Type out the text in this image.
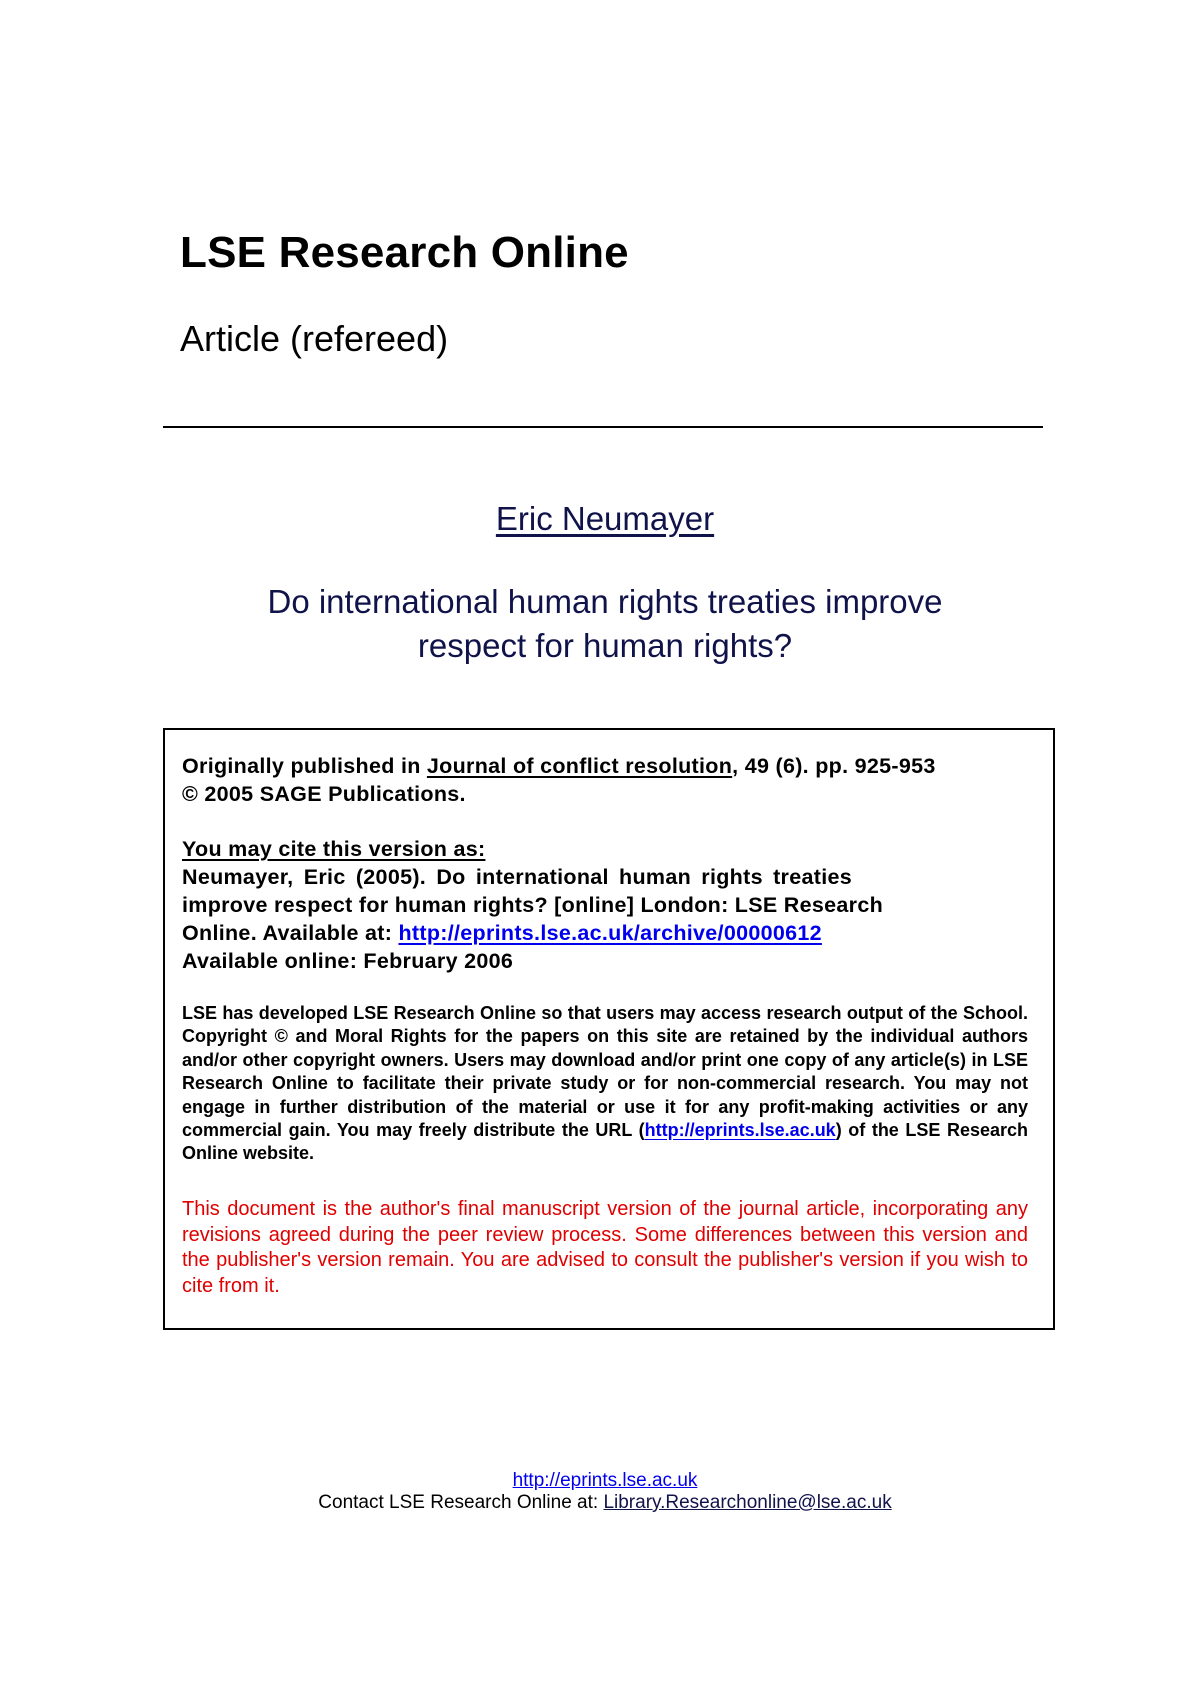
LSE Research Online
Article (refereed)
Eric Neumayer
Do international human rights treaties improve
respect for human rights?
Originally published in Journal of conflict resolution, 49 (6). pp. 925-953
© 2005 SAGE Publications.
You may cite this version as:
Neumayer, Eric (2005). Do international human rights treaties
improve respect for human rights? [online] London: LSE Research
Online. Available at: http://eprints.lse.ac.uk/archive/00000612
Available online: February 2006
LSE has developed LSE Research Online so that users may access research output of the School. Copyright © and Moral Rights for the papers on this site are retained by the individual authors and/or other copyright owners. Users may download and/or print one copy of any article(s) in LSE Research Online to facilitate their private study or for non-commercial research. You may not engage in further distribution of the material or use it for any profit-making activities or any commercial gain. You may freely distribute the URL (http://eprints.lse.ac.uk) of the LSE Research Online website.
This document is the author's final manuscript version of the journal article, incorporating any revisions agreed during the peer review process. Some differences between this version and the publisher's version remain. You are advised to consult the publisher's version if you wish to cite from it.
http://eprints.lse.ac.uk
Contact LSE Research Online at: Library.Researchonline@lse.ac.uk
